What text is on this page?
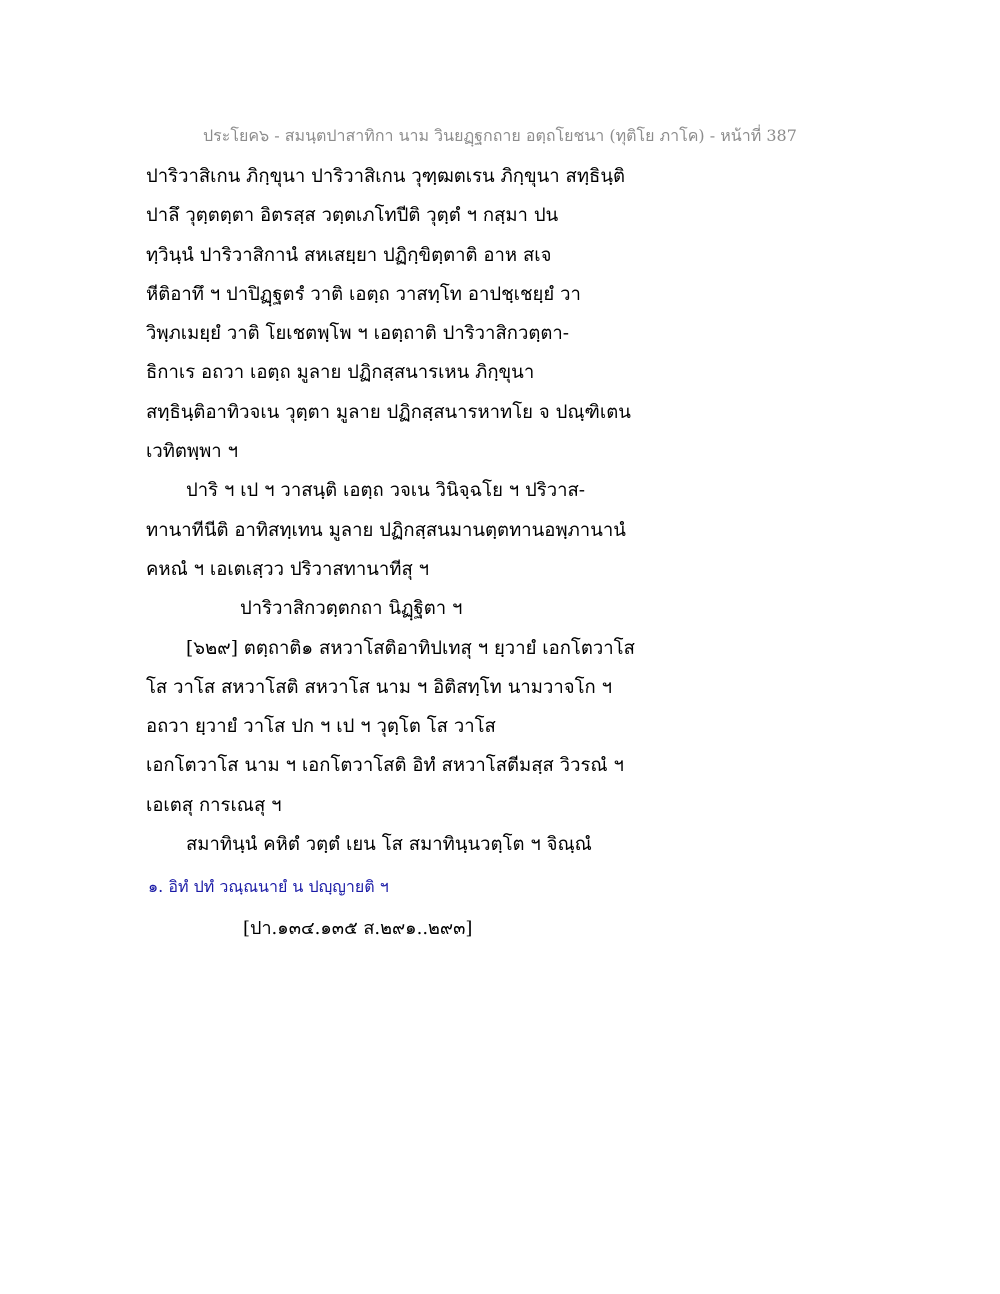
ประโยค๖ - สมนฺตปาสาทิกา นาม วินยฏฺฐกถาย อตฺถโยชนา (ทุติโย ภาโค) - หน้าที่ 387
ปาริวาสิเกน ภิกฺขุนา ปาริวาสิเกน วุฑฺฒตเรน ภิกฺขุนา สทฺธินฺติ
ปาลึ วุตฺตตฺตา อิตรสฺส วตฺตเภโทปีติ วุตฺตํ ฯ กสฺมา ปน
ทฺวินฺนํ ปาริวาสิกานํ สหเสยฺยา ปฏิกฺขิตฺตาติ อาห สเจ
หีติอาทึ ฯ ปาปิฏฺฐตรํ วาติ เอตฺถ วาสทฺโท อาปชฺเชยฺยํ วา
วิพฺภเมยฺยํ วาติ โยเชตพฺโพ ฯ เอตฺถาติ ปาริวาสิกวตฺตา-
ธิกาเร อถวา เอตฺถ มูลาย ปฏิกสฺสนารเหน ภิกฺขุนา
สทฺธินฺติอาทิวจเน วุตฺตา มูลาย ปฏิกสฺสนารหาทโย จ ปณฺฑิเตน
เวทิตพฺพา ฯ
ปาริ ฯ เป ฯ วาสนฺติ เอตฺถ วจเน วินิจฺฉโย ฯ ปริวาส-
ทานาทีนีติ อาทิสทฺเทน มูลาย ปฏิกสฺสนมานตฺตทานอพฺภานานํ
คหณํ ฯ เอเตเสฺวว ปริวาสทานาทีสุ ฯ
ปาริวาสิกวตฺตกถา นิฏฺฐิตา ฯ
[๖๒๙] ตตฺถาติ๑ สหวาโสติอาทิปเทสุ ฯ ยฺวายํ เอกโตวาโส
โส วาโส สหวาโสติ สหวาโส นาม ฯ อิติสทฺโท นามวาจโก ฯ
อถวา ยฺวายํ วาโส ปก ฯ เป ฯ วุตฺโต โส วาโส
เอกโตวาโส นาม ฯ เอกโตวาโสติ อิทํ สหวาโสตีมสฺส วิวรณํ ฯ
เอเตสุ การเณสุ ฯ
สมาทินฺนํ คหิตํ วตฺตํ เยน โส สมาทินฺนวตฺโต ฯ จิณฺณํ
๑. อิทํ ปทํ วณฺณนายํ น ปญฺญายติ ฯ
[ปา.๑๓๔.๑๓๕ ส.๒๙๑..๒๙๓]
